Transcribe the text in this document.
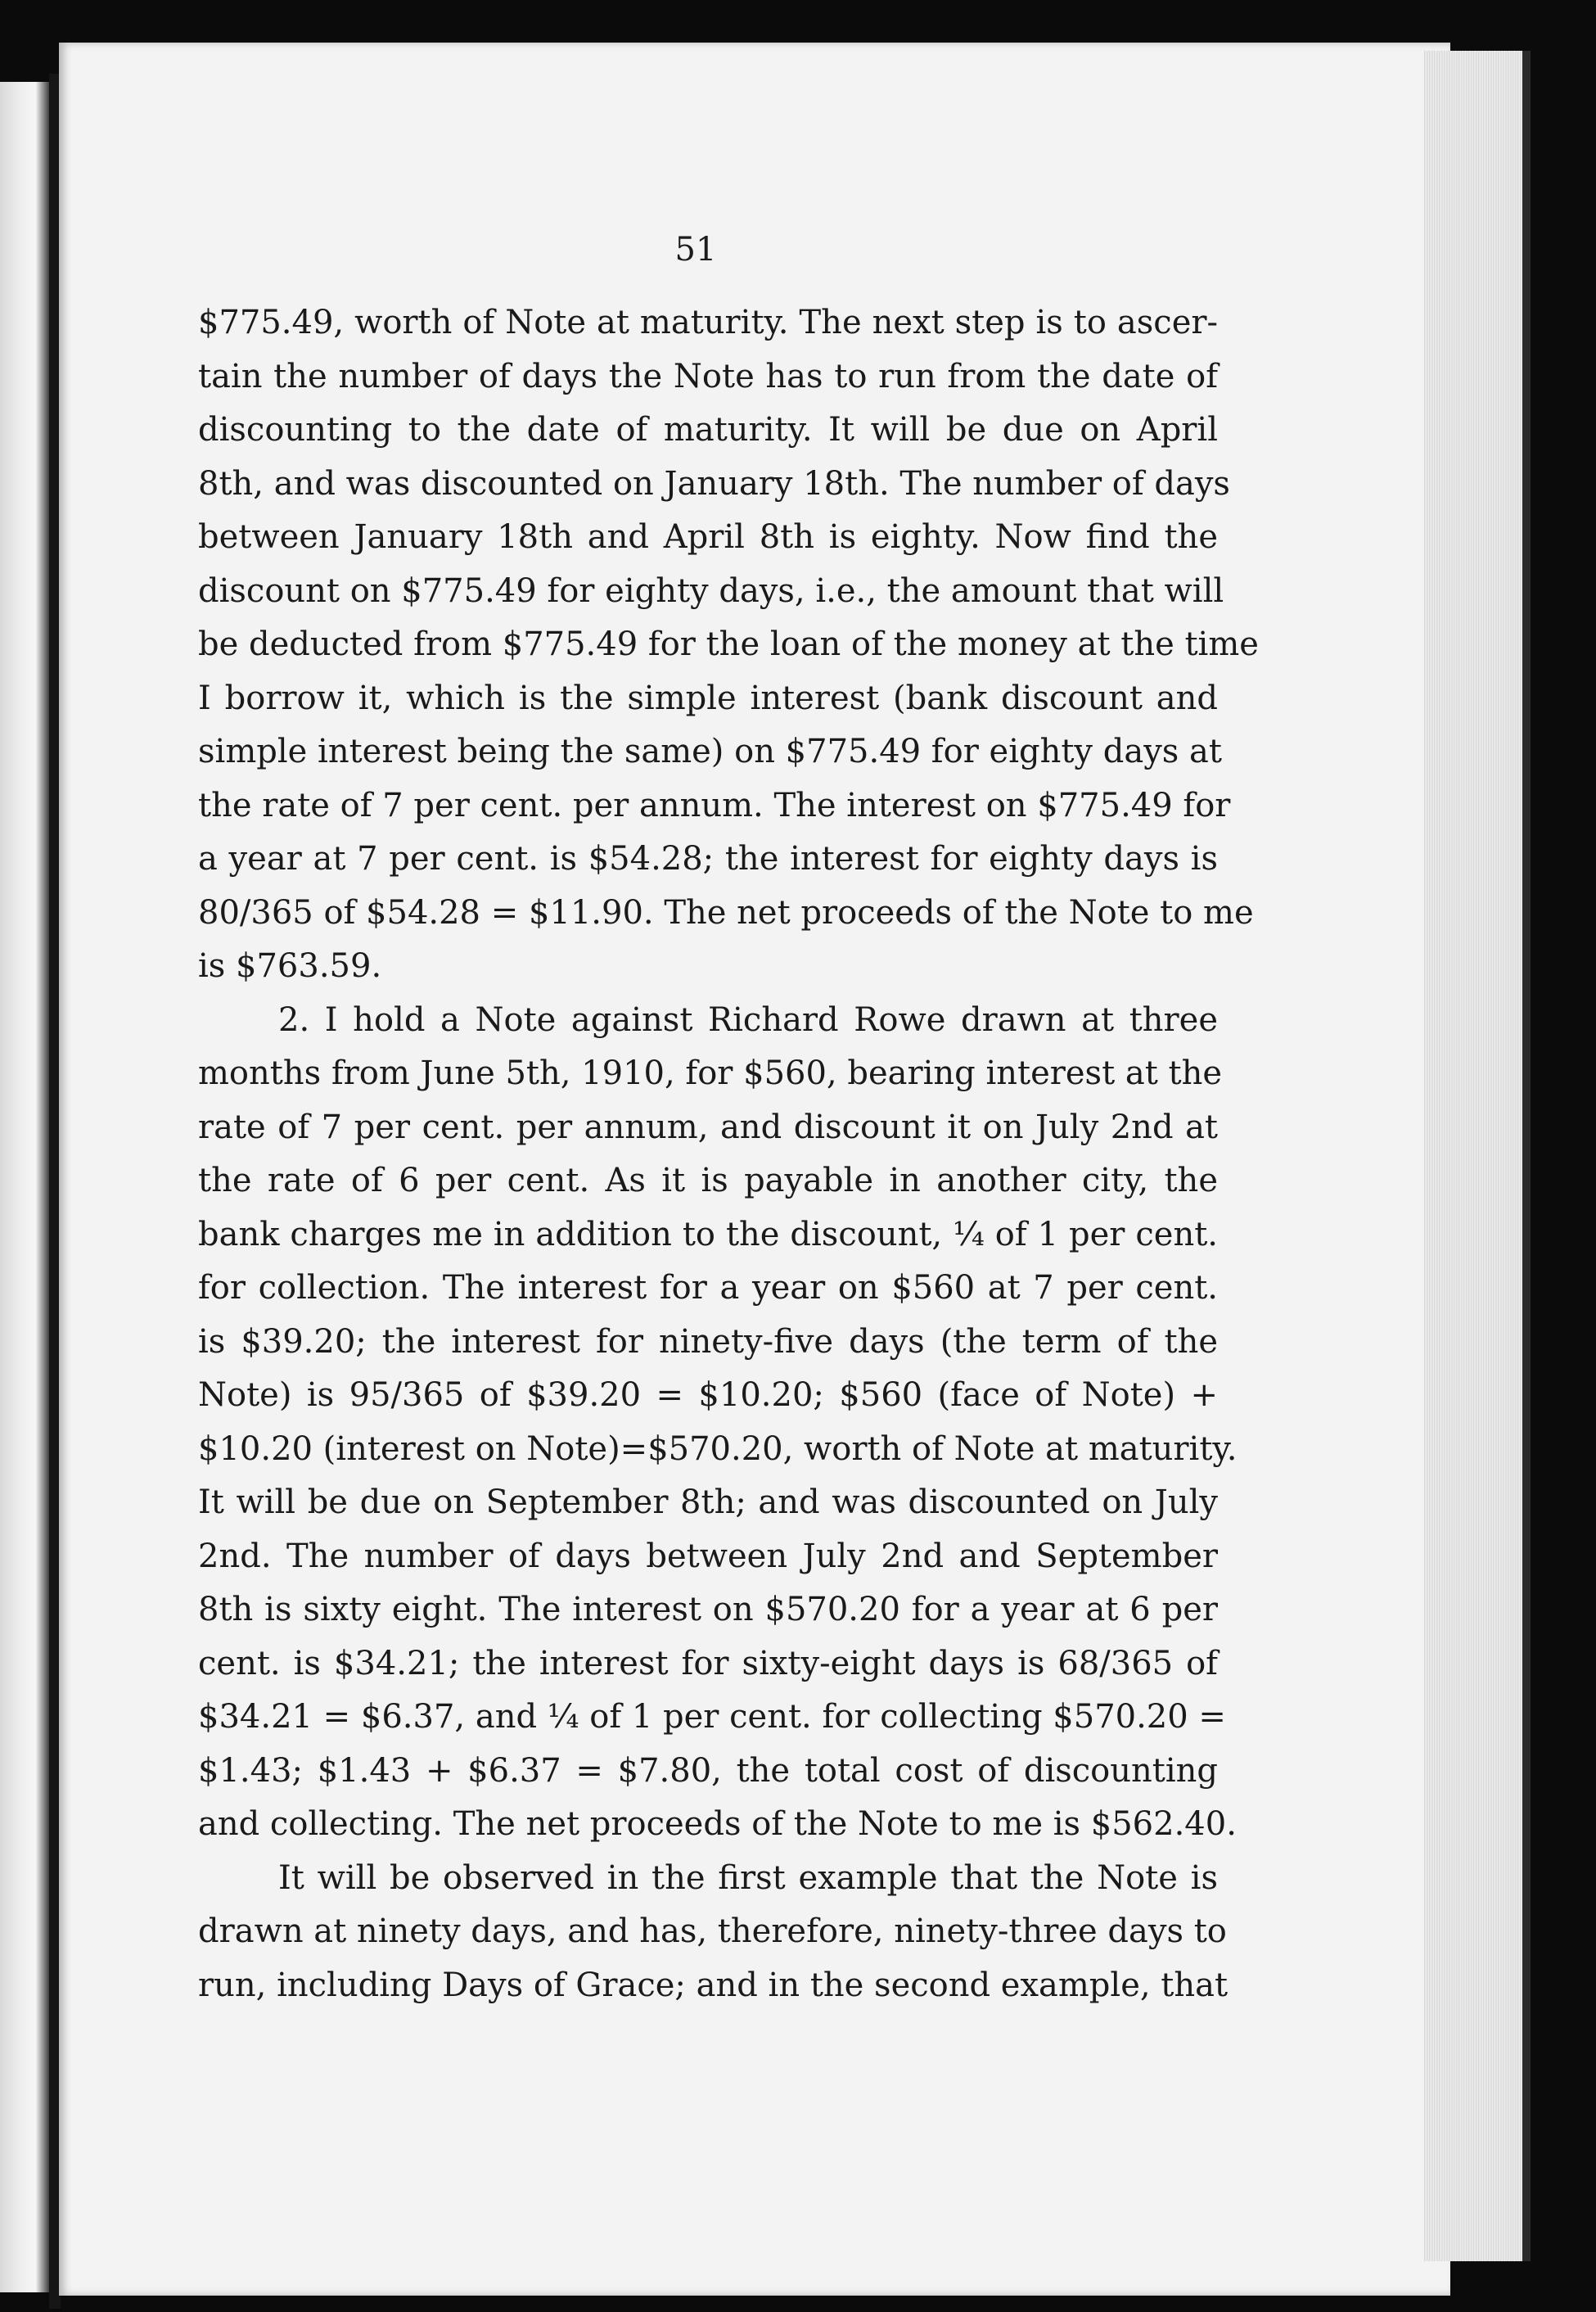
51
$775.49, worth of Note at maturity. The next step is to ascer-
tain the number of days the Note has to run from the date of
discounting to the date of maturity. It will be due on April
8th, and was discounted on January 18th. The number of days
between January 18th and April 8th is eighty. Now find the
discount on $775.49 for eighty days, i.e., the amount that will
be deducted from $775.49 for the loan of the money at the time
I borrow it, which is the simple interest (bank discount and
simple interest being the same) on $775.49 for eighty days at
the rate of 7 per cent. per annum. The interest on $775.49 for
a year at 7 per cent. is $54.28; the interest for eighty days is
80/365 of $54.28 = $11.90. The net proceeds of the Note to me
is $763.59.
2. I hold a Note against Richard Rowe drawn at three
months from June 5th, 1910, for $560, bearing interest at the
rate of 7 per cent. per annum, and discount it on July 2nd at
the rate of 6 per cent. As it is payable in another city, the
bank charges me in addition to the discount, ¼ of 1 per cent.
for collection. The interest for a year on $560 at 7 per cent.
is $39.20; the interest for ninety-five days (the term of the
Note) is 95/365 of $39.20 = $10.20; $560 (face of Note) +
$10.20 (interest on Note)=$570.20, worth of Note at maturity.
It will be due on September 8th; and was discounted on July
2nd. The number of days between July 2nd and September
8th is sixty eight. The interest on $570.20 for a year at 6 per
cent. is $34.21; the interest for sixty-eight days is 68/365 of
$34.21 = $6.37, and ¼ of 1 per cent. for collecting $570.20 =
$1.43; $1.43 + $6.37 = $7.80, the total cost of discounting
and collecting. The net proceeds of the Note to me is $562.40.
It will be observed in the first example that the Note is
drawn at ninety days, and has, therefore, ninety-three days to
run, including Days of Grace; and in the second example, that
